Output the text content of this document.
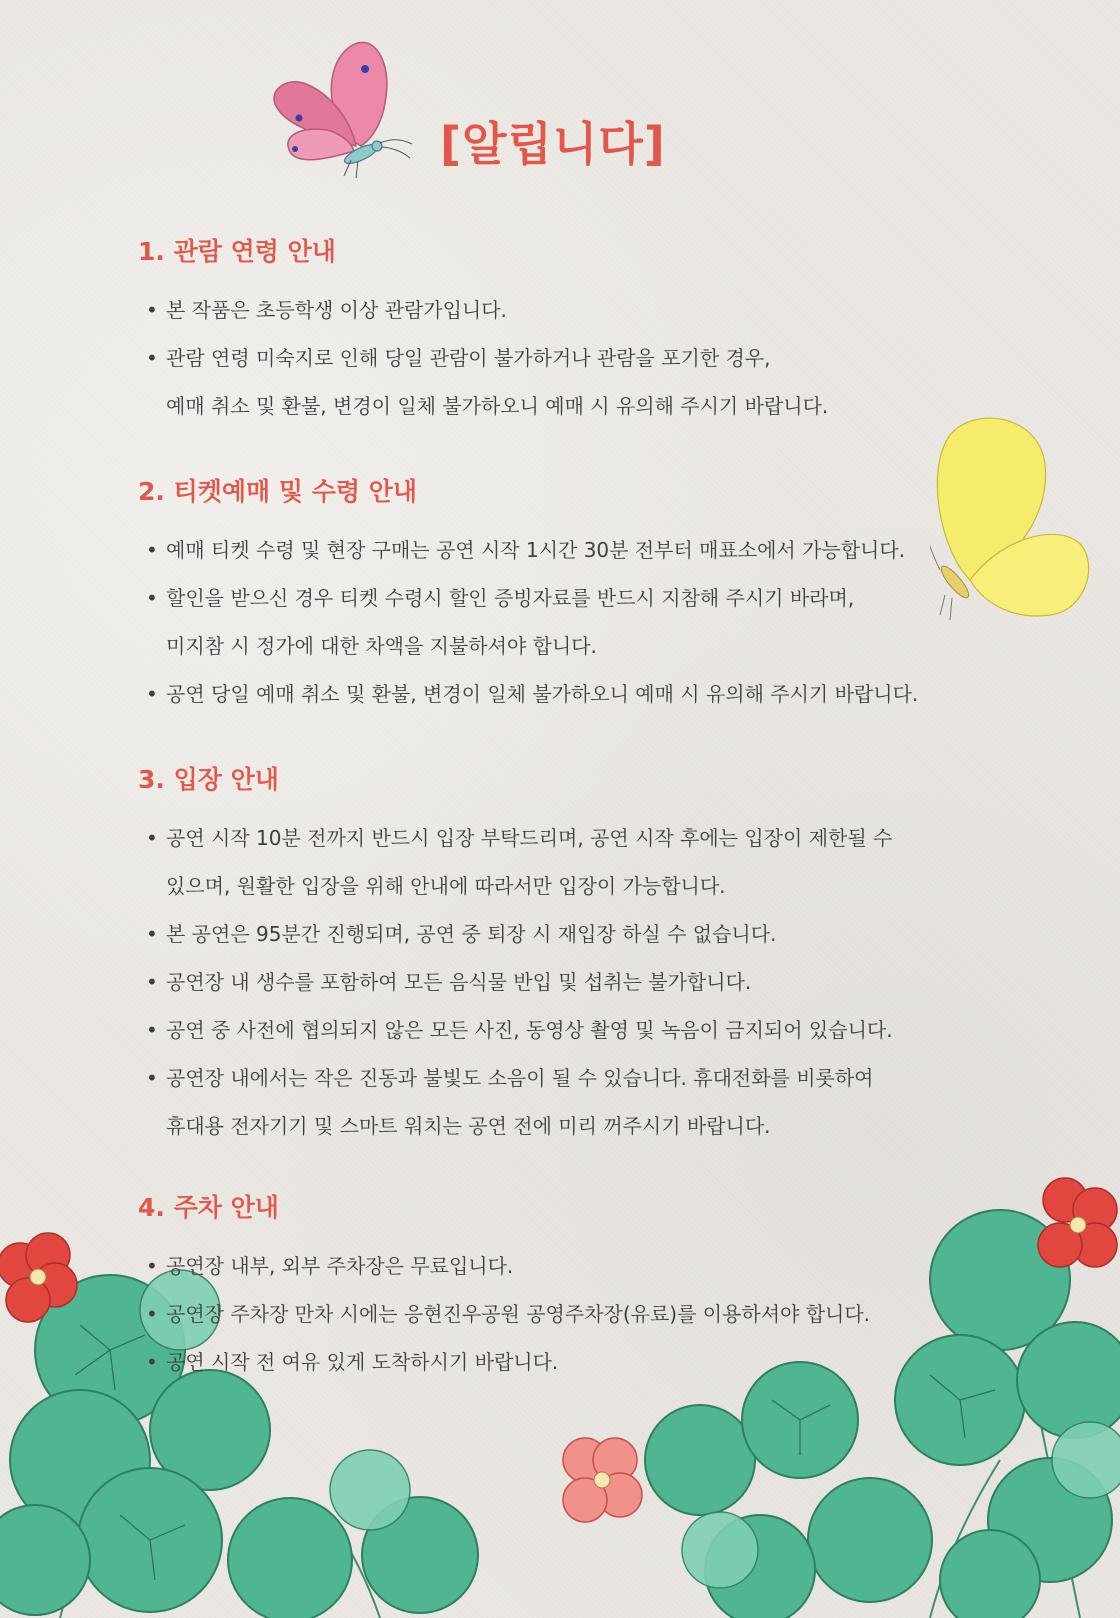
[알립니다]
1. 관람 연령 안내
• 본 작품은 초등학생 이상 관람가입니다.
• 관람 연령 미숙지로 인해 당일 관람이 불가하거나 관람을 포기한 경우,
예매 취소 및 환불, 변경이 일체 불가하오니 예매 시 유의해 주시기 바랍니다.
2. 티켓예매 및 수령 안내
• 예매 티켓 수령 및 현장 구매는 공연 시작 1시간 30분 전부터 매표소에서 가능합니다.
• 할인을 받으신 경우 티켓 수령시 할인 증빙자료를 반드시 지참해 주시기 바라며,
미지참 시 정가에 대한 차액을 지불하셔야 합니다.
• 공연 당일 예매 취소 및 환불, 변경이 일체 불가하오니 예매 시 유의해 주시기 바랍니다.
3. 입장 안내
• 공연 시작 10분 전까지 반드시 입장 부탁드리며, 공연 시작 후에는 입장이 제한될 수
있으며, 원활한 입장을 위해 안내에 따라서만 입장이 가능합니다.
• 본 공연은 95분간 진행되며, 공연 중 퇴장 시 재입장 하실 수 없습니다.
• 공연장 내 생수를 포함하여 모든 음식물 반입 및 섭취는 불가합니다.
• 공연 중 사전에 협의되지 않은 모든 사진, 동영상 촬영 및 녹음이 금지되어 있습니다.
• 공연장 내에서는 작은 진동과 불빛도 소음이 될 수 있습니다. 휴대전화를 비롯하여
휴대용 전자기기 및 스마트 워치는 공연 전에 미리 꺼주시기 바랍니다.
4. 주차 안내
• 공연장 내부, 외부 주차장은 무료입니다.
• 공연장 주차장 만차 시에는 응현진우공원 공영주차장(유료)를 이용하셔야 합니다.
• 공연 시작 전 여유 있게 도착하시기 바랍니다.
